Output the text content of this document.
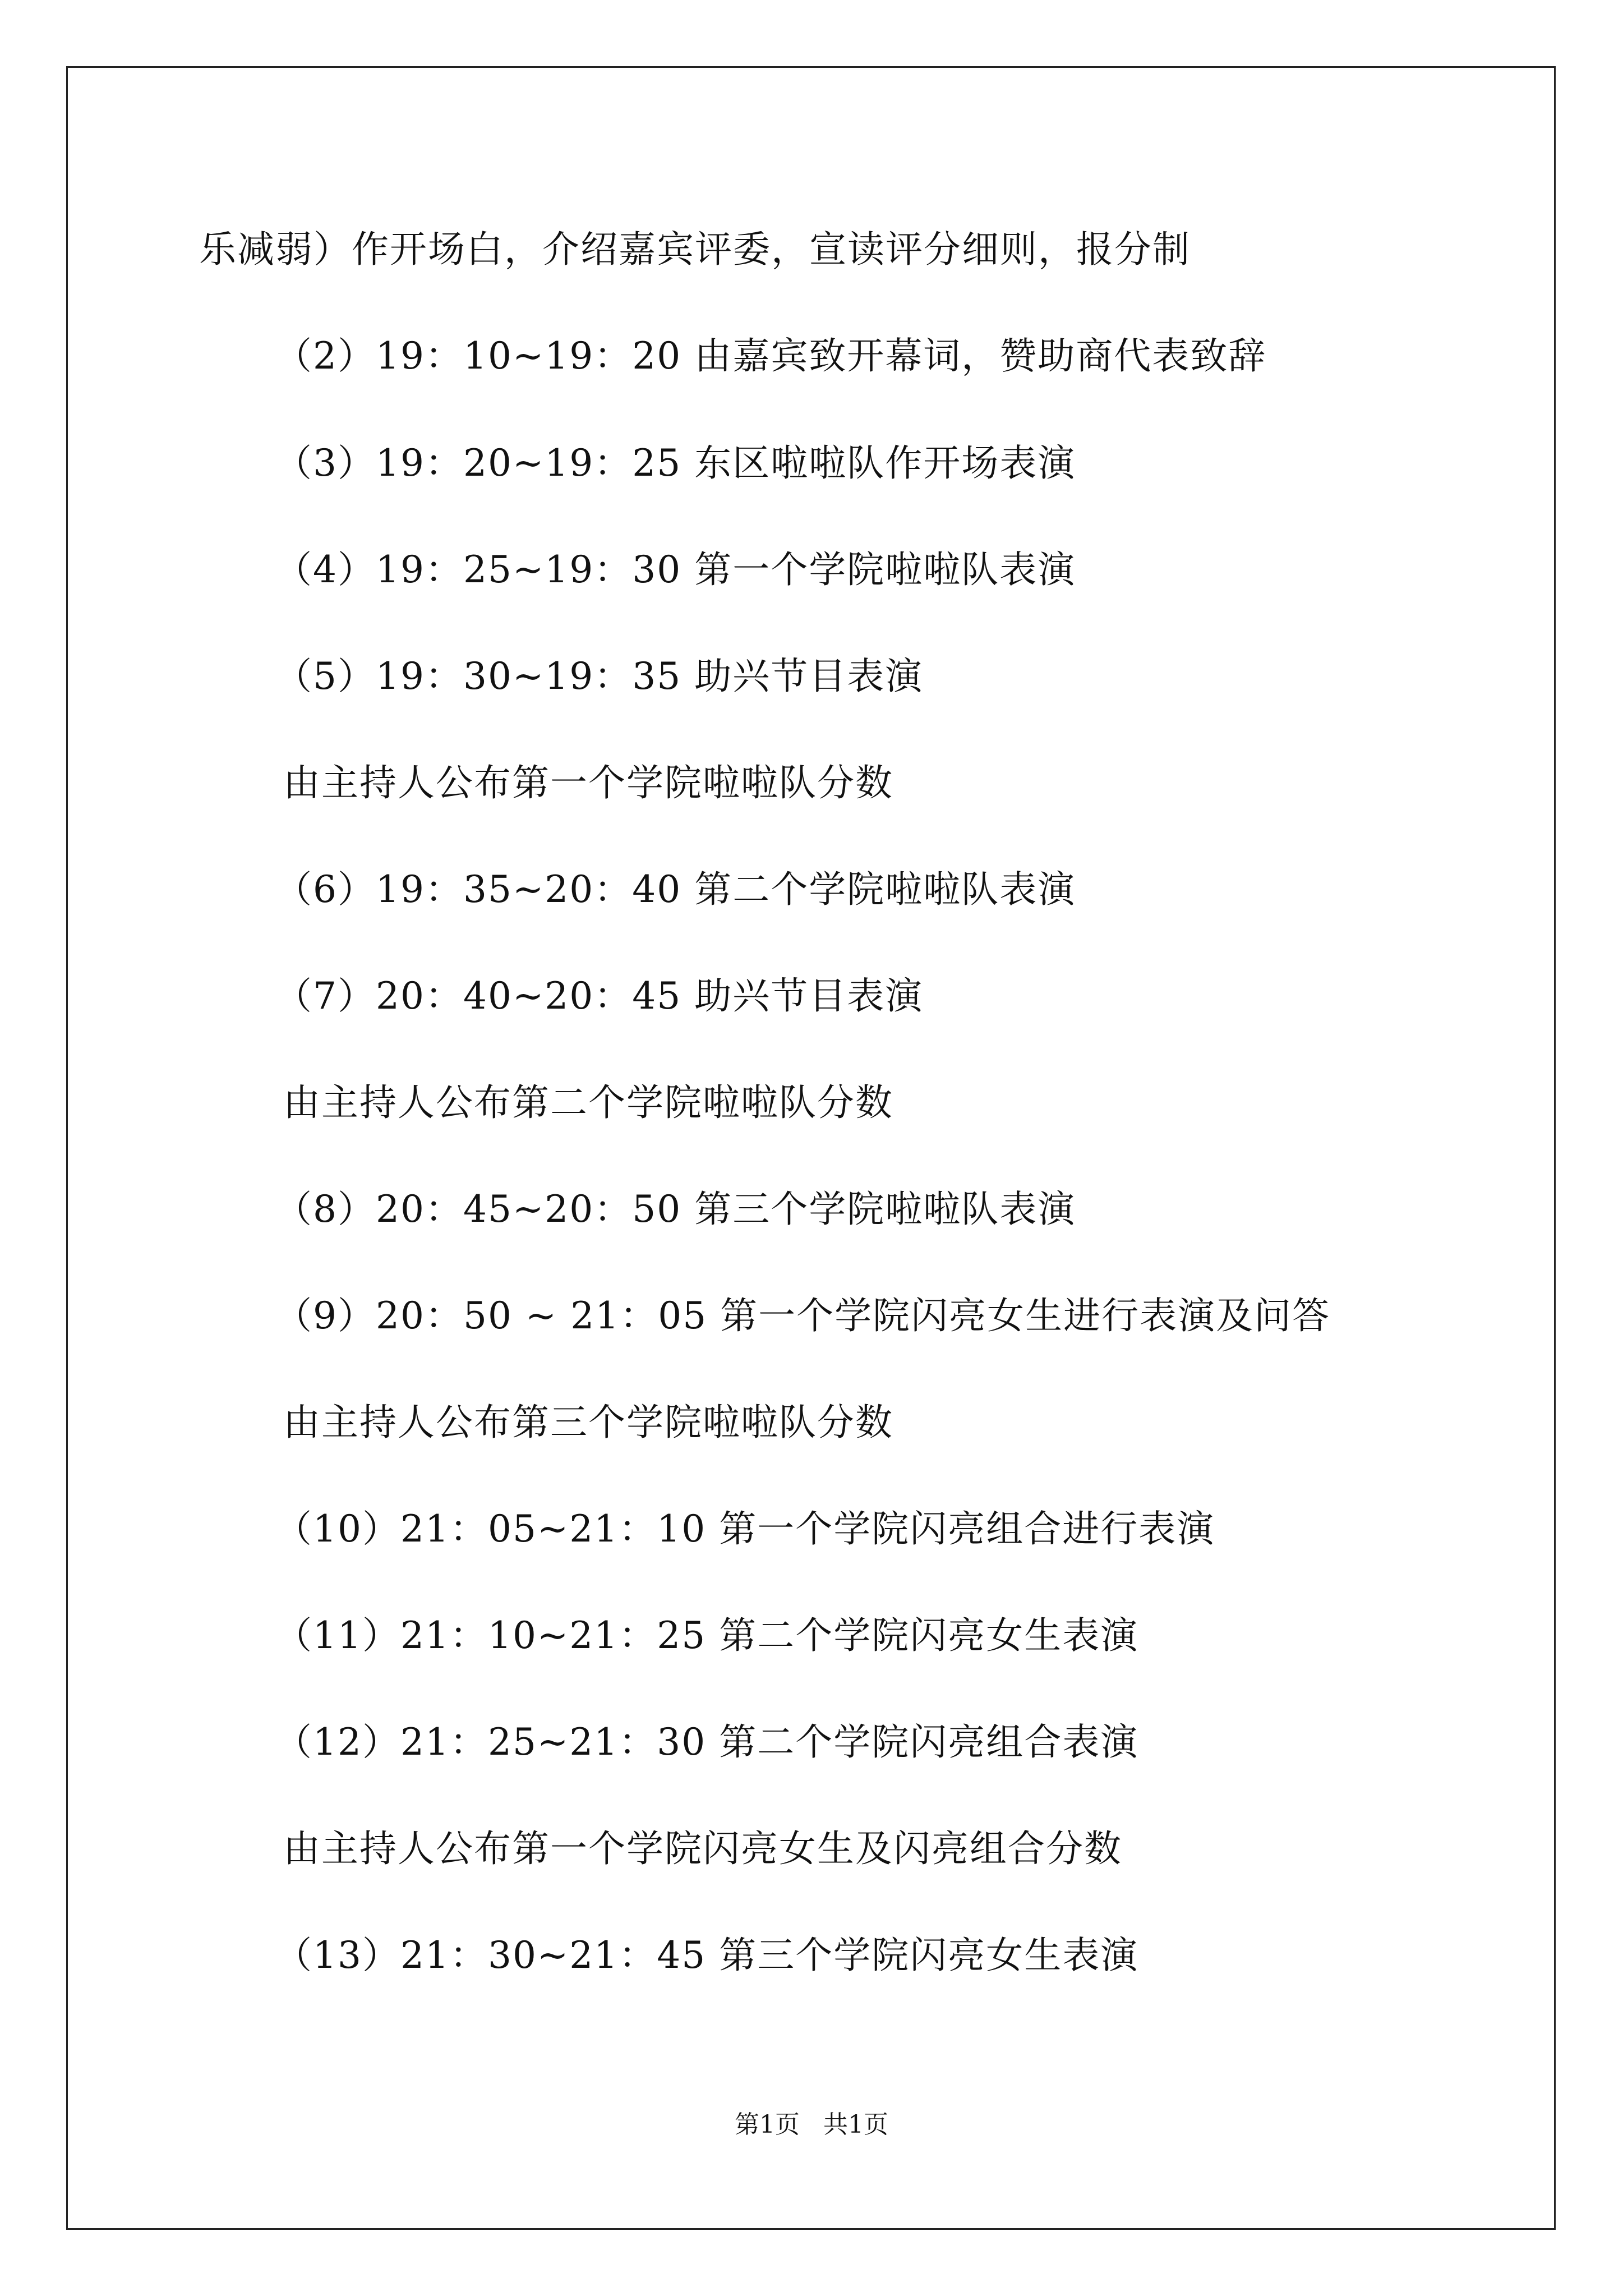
乐减弱）作开场白，介绍嘉宾评委，宣读评分细则，报分制
（2）19：10~19：20 由嘉宾致开幕词，赞助商代表致辞
（3）19：20~19：25 东区啦啦队作开场表演
（4）19：25~19：30 第一个学院啦啦队表演
（5）19：30~19：35 助兴节目表演
由主持人公布第一个学院啦啦队分数
（6）19：35~20：40 第二个学院啦啦队表演
（7）20：40~20：45 助兴节目表演
由主持人公布第二个学院啦啦队分数
（8）20：45~20：50 第三个学院啦啦队表演
（9）20：50 ~ 21：05 第一个学院闪亮女生进行表演及问答
由主持人公布第三个学院啦啦队分数
（10）21：05~21：10 第一个学院闪亮组合进行表演
（11）21：10~21：25 第二个学院闪亮女生表演
（12）21：25~21：30 第二个学院闪亮组合表演
由主持人公布第一个学院闪亮女生及闪亮组合分数
（13）21：30~21：45 第三个学院闪亮女生表演
第1页   共1页
